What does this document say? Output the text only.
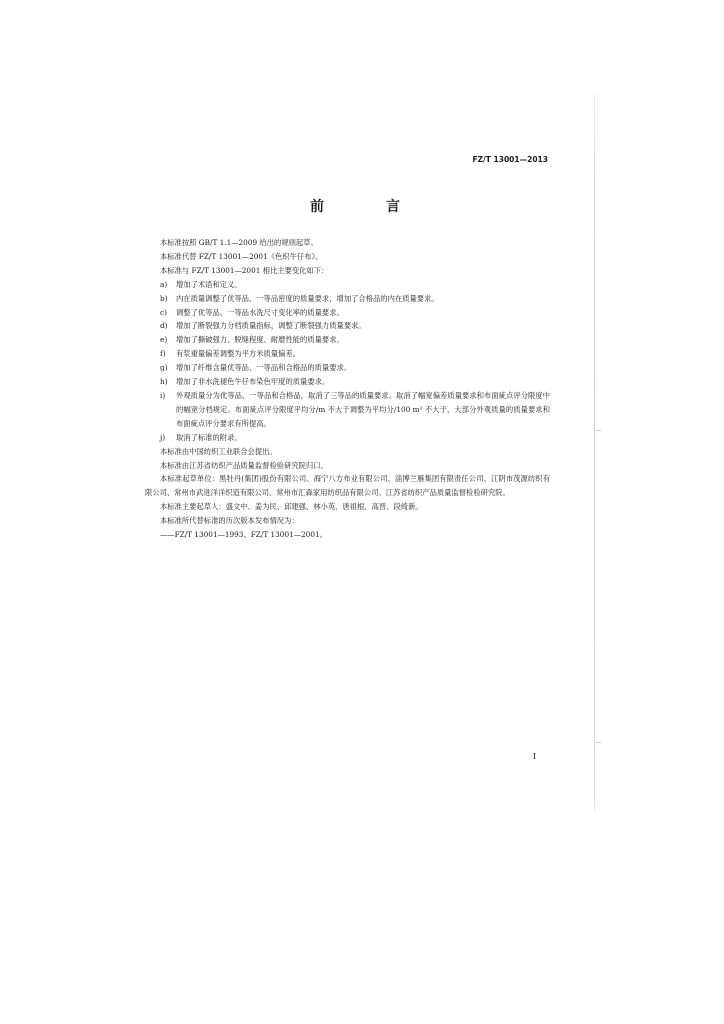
FZ/T 13001—2013
前　言
本标准按照 GB/T 1.1—2009 给出的规则起草。
本标准代替 FZ/T 13001—2001《色织牛仔布》。
本标准与 FZ/T 13001—2001 相比主要变化如下：
a) 增加了术语和定义。
b) 内在质量调整了优等品、一等品密度的质量要求，增加了合格品的内在质量要求。
c) 调整了优等品、一等品水洗尺寸变化率的质量要求。
d) 增加了断裂强力分档质量指标，调整了断裂强力质量要求。
e) 增加了撕破强力、脱缝程度、耐磨性能的质量要求。
f) 有浆重量偏差调整为平方米质量偏差。
g) 增加了纤维含量优等品、一等品和合格品的质量要求。
h) 增加了非水洗褪色牛仔布染色牢度的质量要求。
i) 外观质量分为优等品、一等品和合格品，取消了三等品的质量要求。取消了幅宽偏差质量要求和布面疵点评分限度中的幅宽分档规定。布面疵点评分限度平均分/m 不大于调整为平均分/100 m² 不大于，大部分外观质量的质量要求和布面疵点评分要求有所提高。
j) 取消了标准的附录。
本标准由中国纺织工业联合会提出。
本标准由江苏省纺织产品质量监督检验研究院归口。
本标准起草单位：黑牡丹(集团)股份有限公司、海宁八方布业有限公司、淄博兰雁集团有限责任公司、江阴市茂源纺织有限公司、常州市武进洋洋织造有限公司、常州市汇森家用纺织品有限公司、江苏省纺织产品质量监督检验研究院。
本标准主要起草人：盛文中、姜为民、邱建强、林小英、唐祖根、高晋、段绮新。
本标准所代替标准的历次版本发布情况为：
——FZ/T 13001—1993、FZ/T 13001—2001。
I
